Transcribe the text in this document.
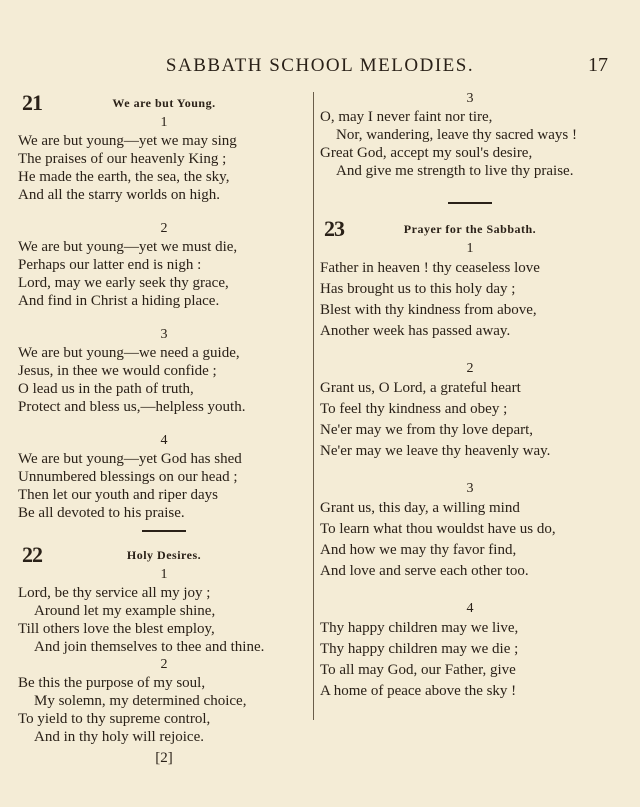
SABBATH SCHOOL MELODIES.	17
21	We are but Young.
1
We are but young—yet we may sing
The praises of our heavenly King ;
He made the earth, the sea, the sky,
And all the starry worlds on high.
2
We are but young—yet we must die,
Perhaps our latter end is nigh :
Lord, may we early seek thy grace,
And find in Christ a hiding place.
3
We are but young—we need a guide,
Jesus, in thee we would confide ;
O lead us in the path of truth,
Protect and bless us,—helpless youth.
4
We are but young—yet God has shed
Unnumbered blessings on our head ;
Then let our youth and riper days
Be all devoted to his praise.
22	Holy Desires.
1
Lord, be thy service all my joy ;
Around let my example shine,
Till others love the blest employ,
And join themselves to thee and thine.
2
Be this the purpose of my soul,
My solemn, my determined choice,
To yield to thy supreme control,
And in thy holy will rejoice.
[2]
3
O, may I never faint nor tire,
Nor, wandering, leave thy sacred ways !
Great God, accept my soul's desire,
And give me strength to live thy praise.
23	Prayer for the Sabbath.
1
Father in heaven ! thy ceaseless love
Has brought us to this holy day ;
Blest with thy kindness from above,
Another week has passed away.
2
Grant us, O Lord, a grateful heart
To feel thy kindness and obey ;
Ne'er may we from thy love depart,
Ne'er may we leave thy heavenly way.
3
Grant us, this day, a willing mind
To learn what thou wouldst have us do,
And how we may thy favor find,
And love and serve each other too.
4
Thy happy children may we live,
Thy happy children may we die ;
To all may God, our Father, give
A home of peace above the sky !
